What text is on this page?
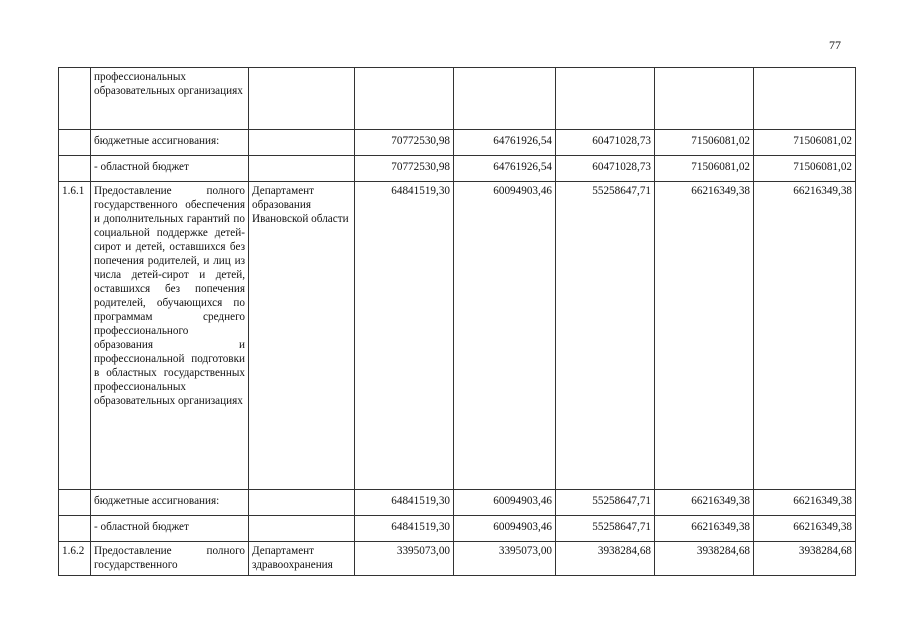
77
	профессиональных образовательных организациях						
	бюджетные ассигнования:		70772530,98	64761926,54	60471028,73	71506081,02	71506081,02
	- областной бюджет		70772530,98	64761926,54	60471028,73	71506081,02	71506081,02
1.6.1	Предоставление полного государственного обеспечения и дополнительных гарантий по социальной поддержке детей-сирот и детей, оставшихся без попечения родителей, и лиц из числа детей-сирот и детей, оставшихся без попечения родителей, обучающихся по программам среднего профессионального образования и профессиональной подготовки в областных государственных профессиональных образовательных организациях	Департамент образования Ивановской области	64841519,30	60094903,46	55258647,71	66216349,38	66216349,38
	бюджетные ассигнования:		64841519,30	60094903,46	55258647,71	66216349,38	66216349,38
	- областной бюджет		64841519,30	60094903,46	55258647,71	66216349,38	66216349,38
1.6.2	Предоставление полного государственного	Департамент здравоохранения	3395073,00	3395073,00	3938284,68	3938284,68	3938284,68
